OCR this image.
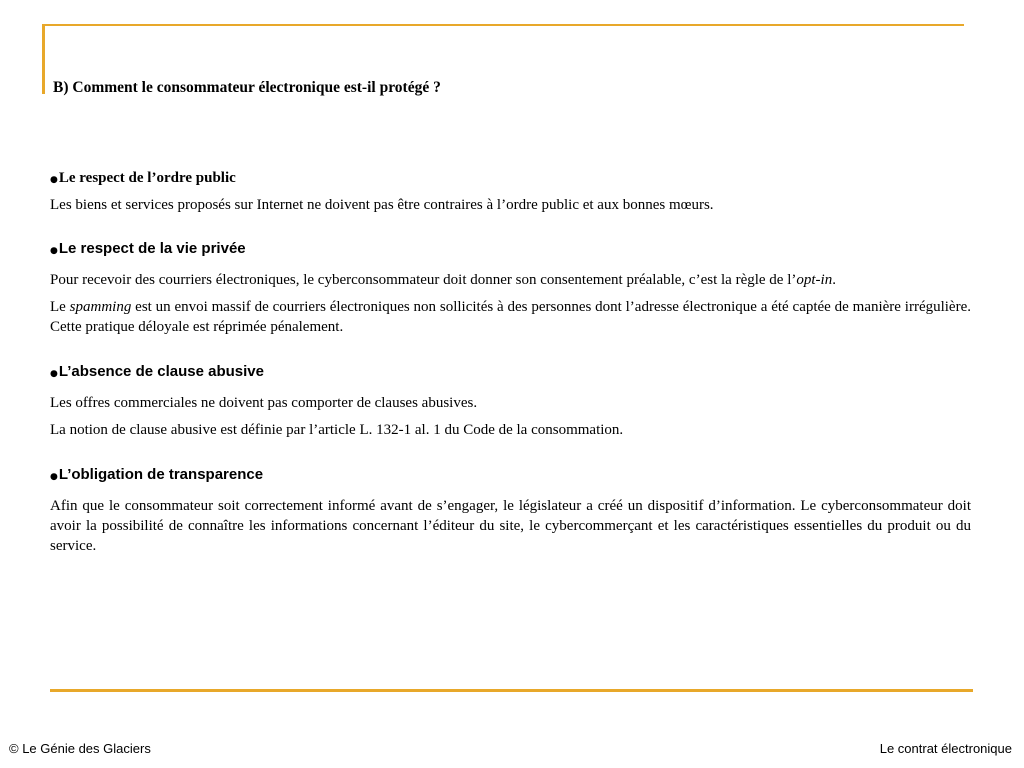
B) Comment le consommateur électronique est-il protégé ?
● Le respect de l’ordre public

Les biens et services proposés sur Internet ne doivent pas être contraires à l’ordre public et aux bonnes mœurs.

● Le respect de la vie privée

Pour recevoir des courriers électroniques, le cyberconsommateur doit donner son consentement préalable, c’est la règle de l’opt-in.

Le spamming est un envoi massif de courriers électroniques non sollicités à des personnes dont l’adresse électronique a été captée de manière irrégulière. Cette pratique déloyale est réprimée pénalement.

● L’absence de clause abusive

Les offres commerciales ne doivent pas comporter de clauses abusives.

La notion de clause abusive est définie par l’article L. 132-1 al. 1 du Code de la consommation.

● L’obligation de transparence

Afin que le consommateur soit correctement informé avant de s’engager, le législateur a créé un dispositif d’information. Le cyberconsommateur doit avoir la possibilité de connaître les informations concernant l’éditeur du site, le cybercommerçant et les caractéristiques essentielles du produit ou du service.

© Le Génie des Glaciers	Le contrat électronique
